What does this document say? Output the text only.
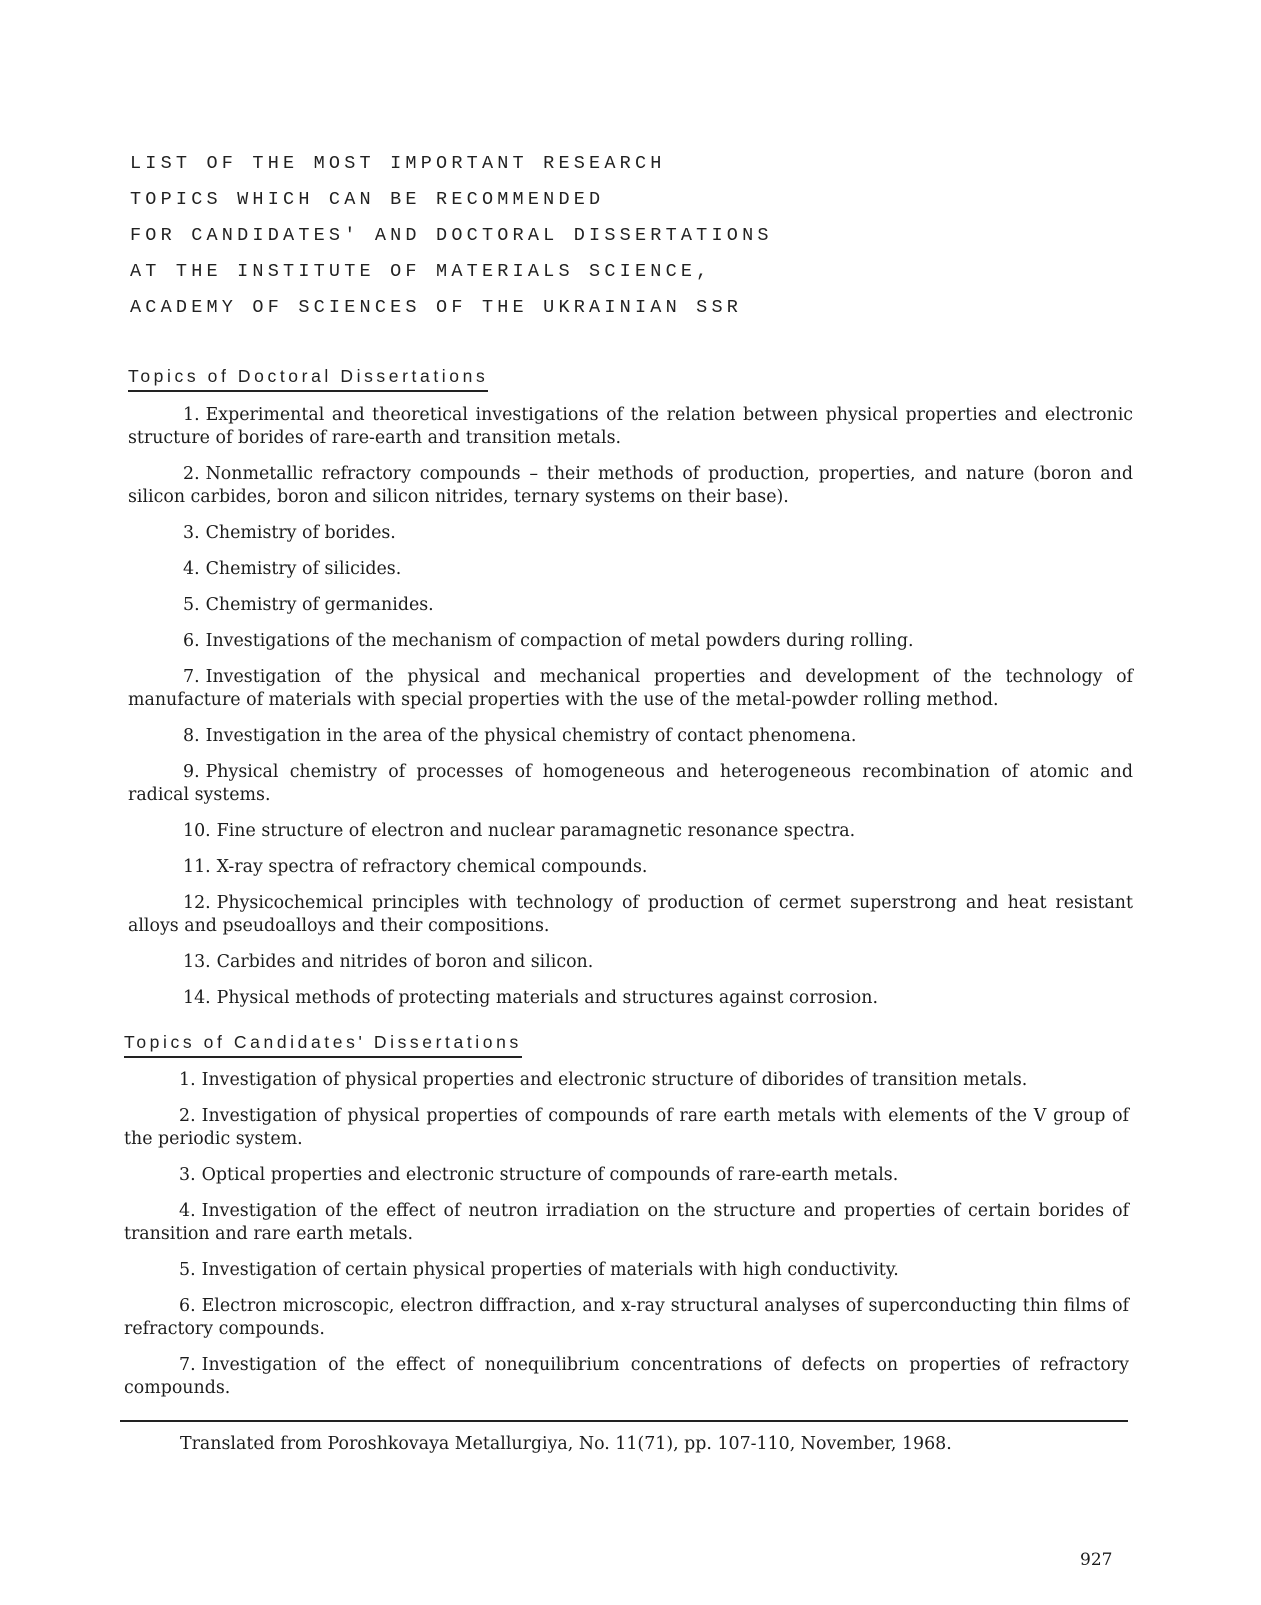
LIST OF THE MOST IMPORTANT RESEARCH
TOPICS WHICH CAN BE RECOMMENDED
FOR CANDIDATES' AND DOCTORAL DISSERTATIONS
AT THE INSTITUTE OF MATERIALS SCIENCE,
ACADEMY OF SCIENCES OF THE UKRAINIAN SSR
Topics of Doctoral Dissertations

1. Experimental and theoretical investigations of the relation between physical properties and electronic structure of borides of rare-earth and transition metals.

2. Nonmetallic refractory compounds – their methods of production, properties, and nature (boron and silicon carbides, boron and silicon nitrides, ternary systems on their base).

3. Chemistry of borides.

4. Chemistry of silicides.

5. Chemistry of germanides.

6. Investigations of the mechanism of compaction of metal powders during rolling.

7. Investigation of the physical and mechanical properties and development of the technology of manufacture of materials with special properties with the use of the metal-powder rolling method.

8. Investigation in the area of the physical chemistry of contact phenomena.

9. Physical chemistry of processes of homogeneous and heterogeneous recombination of atomic and radical systems.

10. Fine structure of electron and nuclear paramagnetic resonance spectra.

11. X-ray spectra of refractory chemical compounds.

12. Physicochemical principles with technology of production of cermet superstrong and heat resistant alloys and pseudoalloys and their compositions.

13. Carbides and nitrides of boron and silicon.

14. Physical methods of protecting materials and structures against corrosion.

Topics of Candidates' Dissertations

1. Investigation of physical properties and electronic structure of diborides of transition metals.

2. Investigation of physical properties of compounds of rare earth metals with elements of the V group of the periodic system.

3. Optical properties and electronic structure of compounds of rare-earth metals.

4. Investigation of the effect of neutron irradiation on the structure and properties of certain borides of transition and rare earth metals.

5. Investigation of certain physical properties of materials with high conductivity.

6. Electron microscopic, electron diffraction, and x-ray structural analyses of superconducting thin films of refractory compounds.

7. Investigation of the effect of nonequilibrium concentrations of defects on properties of refractory compounds.

Translated from Poroshkovaya Metallurgiya, No. 11(71), pp. 107-110, November, 1968.
927
